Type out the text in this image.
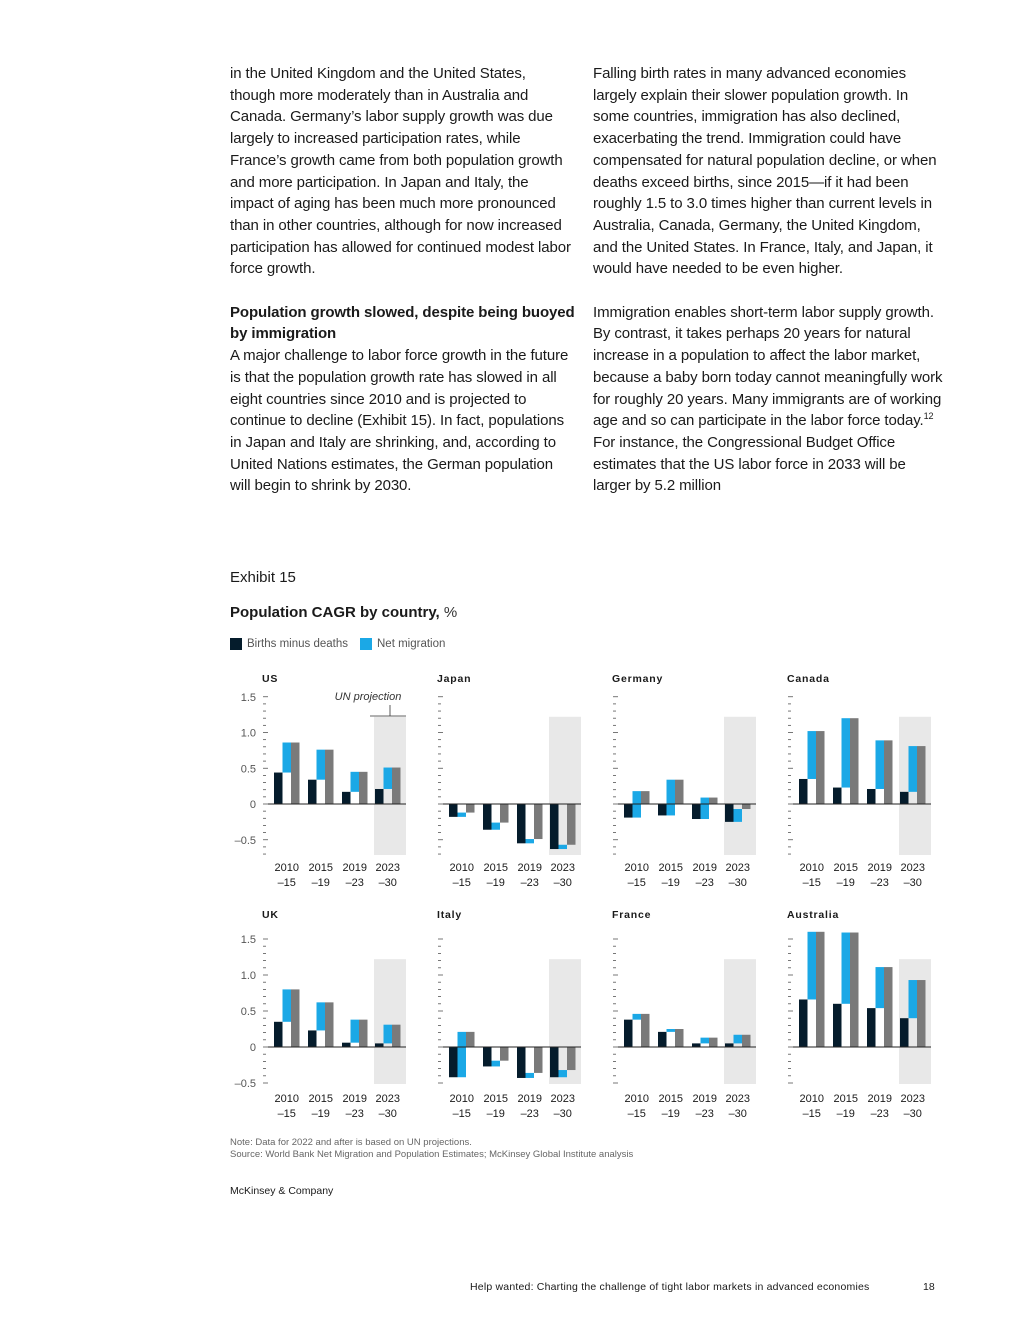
in the United Kingdom and the United States, though more moderately than in Australia and Canada. Germany’s labor supply growth was due largely to increased participation rates, while France’s growth came from both population growth and more participation. In Japan and Italy, the impact of aging has been much more pronounced than in other countries, although for now increased participation has allowed for continued modest labor force growth.

Population growth slowed, despite being buoyed by immigration

A major challenge to labor force growth in the future is that the population growth rate has slowed in all eight countries since 2010 and is projected to continue to decline (Exhibit 15). In fact, populations in Japan and Italy are shrinking, and, according to United Nations estimates, the German population will begin to shrink by 2030.

Falling birth rates in many advanced economies largely explain their slower population growth. In some countries, immigration has also declined, exacerbating the trend. Immigration could have compensated for natural population decline, or when deaths exceed births, since 2015—if it had been roughly 1.5 to 3.0 times higher than current levels in Australia, Canada, Germany, the United Kingdom, and the United States. In France, Italy, and Japan, it would have needed to be even higher.

Immigration enables short-term labor supply growth. By contrast, it takes perhaps 20 years for natural increase in a population to affect the labor market, because a baby born today cannot meaningfully work for roughly 20 years. Many immigrants are of working age and so can participate in the labor force today.$^{12}$ For instance, the Congressional Budget Office estimates that the US labor force in 2033 will be larger by 5.2 million

Exhibit 15
Population CAGR by country, %
Births minus deaths	Net migration
US
1.5
1.0
0.5
0
–0.5
2010
–15
2015
–19
2019
–23
2023
–30
UN projection
Japan
2010
–15
2015
–19
2019
–23
2023
–30
Germany
2010
–15
2015
–19
2019
–23
2023
–30
Canada
2010
–15
2015
–19
2019
–23
2023
–30
UK
1.5
1.0
0.5
0
–0.5
2010
–15
2015
–19
2019
–23
2023
–30
Italy
2010
–15
2015
–19
2019
–23
2023
–30
France
2010
–15
2015
–19
2019
–23
2023
–30
Australia
2010
–15
2015
–19
2019
–23
2023
–30
Note: Data for 2022 and after is based on UN projections.
Source: World Bank Net Migration and Population Estimates; McKinsey Global Institute analysis
McKinsey & Company
Help wanted: Charting the challenge of tight labor markets in advanced economies	18
